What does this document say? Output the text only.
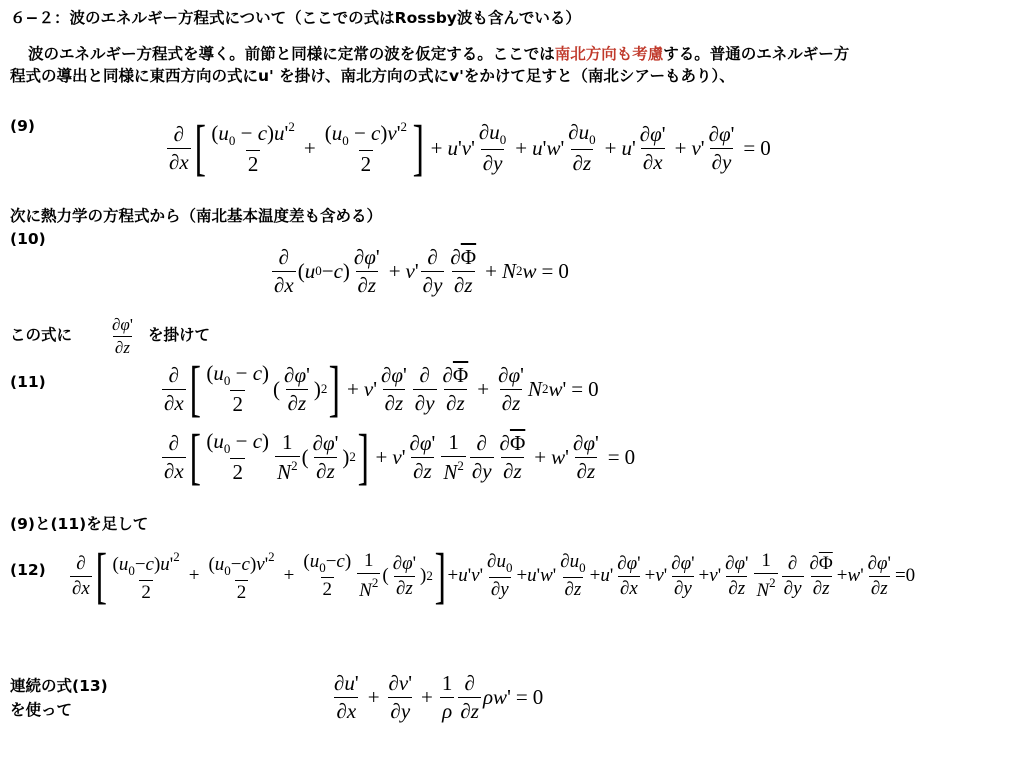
６−２：波のエネルギー方程式について（ここでの式はRossby波も含んでいる）
波のエネルギー方程式を導く。前節と同様に定常の波を仮定する。ここでは南北方向も考慮する。普通のエネルギー方
程式の導出と同様に東西方向の式にu' を掛け、南北方向の式にv'をかけて足すと（南北シアーもあり）、
(9)	∂
∂x [ $(u_0 - c)u'^2$
2
+ $\frac{(u_0 - c)v'^2}{2}$ ] + u ' v '
$\partial u_0$
∂y
+ u ' w '
$\partial u_0$
∂z
+ u '
∂φ'
∂x
+ v ' $\frac{\partial\varphi'}{\partial y} = 0$
次に熱力学の方程式から（南北基本温度差も含める）
(10)
∂
∂x
( u 0 − c )
∂φ'
∂z
+ v '
∂
∂y
$\partial\overline{\Phi}$
∂z
+ N 2 w = 0
この式に
∂φ'
∂z
を掛けて
(11)	∂
∂x [ $(u_0 - c)$
2
(
∂φ'
∂z
) 2 ] + v '
∂φ'
∂z
∂
∂y
$\partial\overline{\Phi}$
∂z
+ $\frac{\partial\varphi'}{\partial z}$ N 2 w ' = 0
∂
∂x [ $(u_0 - c)$
2
1
$N^2$ (
∂φ'
∂z
) 2 ] + v '
∂φ'
∂z
1
$N^2$
∂
∂y
$\partial\overline{\Phi}$
∂z
+ w ' $\frac{\partial\varphi'}{\partial z} = 0$
(9)と(11)を足して
(12) ∂
∂x [ $(u_0-c)u'^2$
2
+ $\frac{(u_0-c)v'^2}{2} + \frac{(u_0-c)}{2} 1$
$N^2$ (
∂φ'
∂z
) 2 ] + u ' v '
$\partial u_0$
∂y
+ u ' w '
$\partial u_0$
∂z
+ u '
∂φ'
∂x
+ v '
∂φ'
∂y
+ v '
∂φ'
∂z
1
$N^2$
∂
∂y
$\partial\overline{\Phi}$
∂z
+ w '
∂φ'
∂z
=0
連続の式(13)
を使って
∂u'
∂x
+ $\frac{\partial v'}{\partial y} + \frac{1}{\rho}$ ∂
∂z
ρw ' = 0
